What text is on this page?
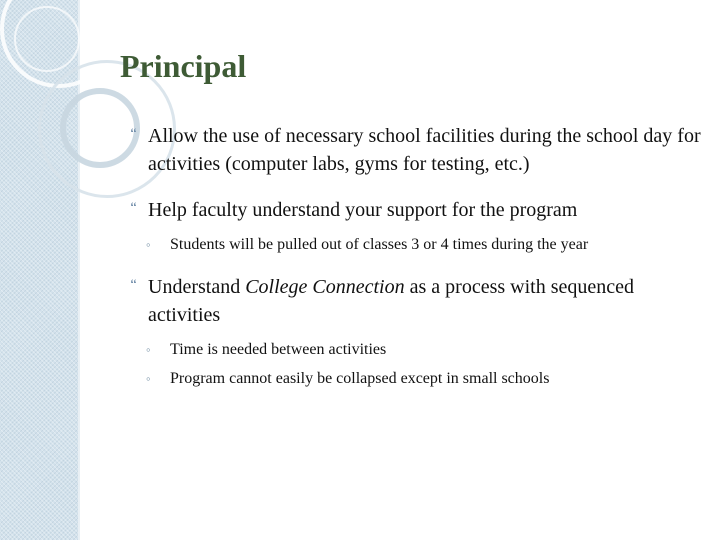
Principal
🙶 Allow the use of necessary school facilities during the school day for activities (computer labs, gyms for testing, etc.)
🙶 Help faculty understand your support for the program
◦ Students will be pulled out of classes 3 or 4 times during the year
🙶 Understand College Connection as a process with sequenced activities
◦ Time is needed between activities
◦ Program cannot easily be collapsed except in small schools
